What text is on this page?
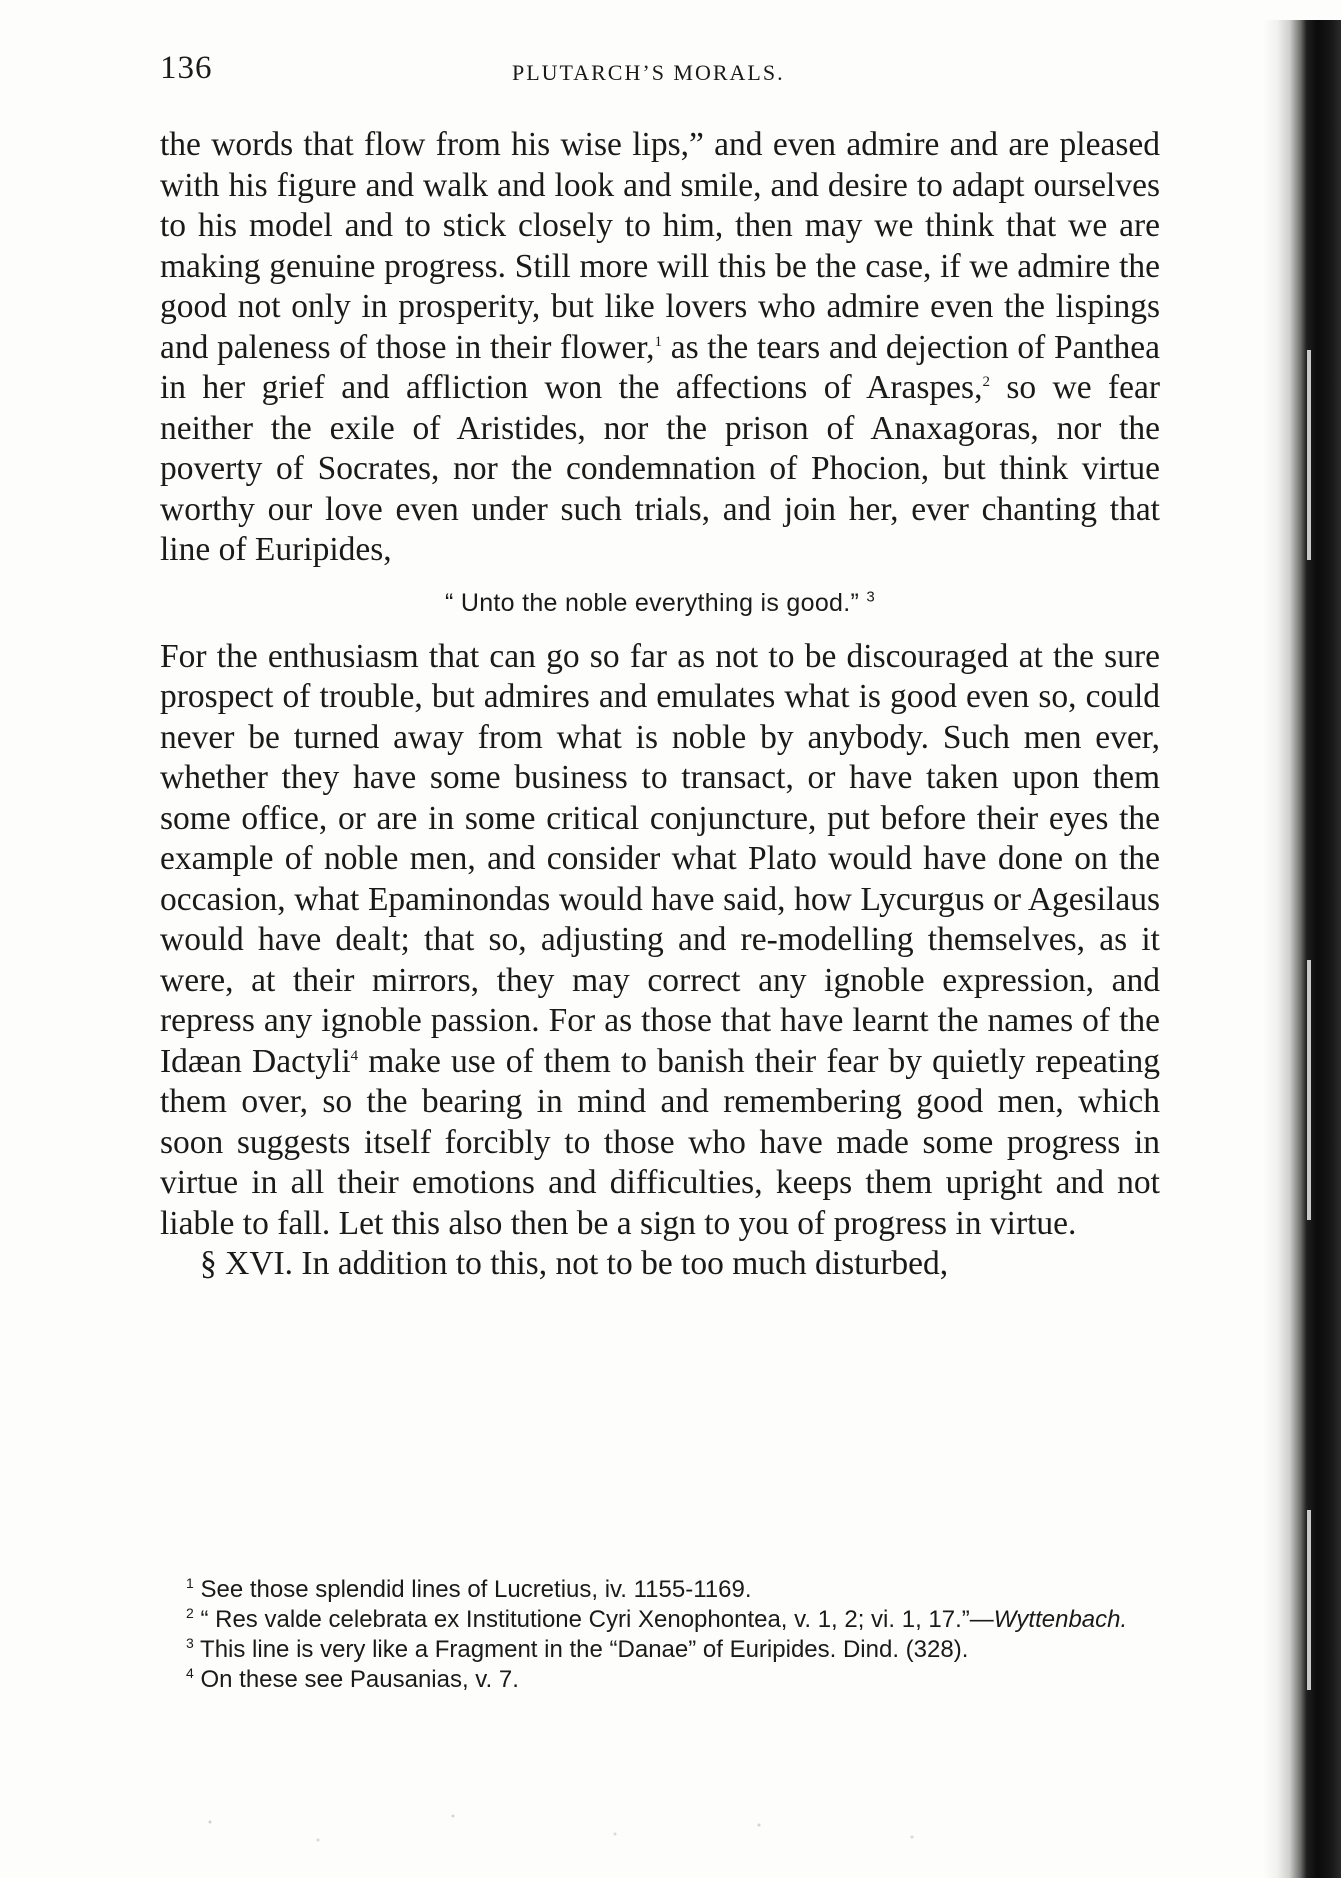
136	PLUTARCH’S MORALS.

the words that flow from his wise lips,” and even admire and are pleased with his figure and walk and look and smile, and desire to adapt ourselves to his model and to stick closely to him, then may we think that we are making genuine progress. Still more will this be the case, if we admire the good not only in prosperity, but like lovers who admire even the lispings and paleness of those in their flower,$^1$ as the tears and dejection of Panthea in her grief and affliction won the affections of Araspes,$^2$ so we fear neither the exile of Aristides, nor the prison of Anaxagoras, nor the poverty of Socrates, nor the condemnation of Phocion, but think virtue worthy our love even under such trials, and join her, ever chanting that line of Euripides,

“ Unto the noble everything is good.” $^3$

For the enthusiasm that can go so far as not to be discouraged at the sure prospect of trouble, but admires and emulates what is good even so, could never be turned away from what is noble by anybody. Such men ever, whether they have some business to transact, or have taken upon them some office, or are in some critical conjuncture, put before their eyes the example of noble men, and consider what Plato would have done on the occasion, what Epaminondas would have said, how Lycurgus or Agesilaus would have dealt; that so, adjusting and re-modelling themselves, as it were, at their mirrors, they may correct any ignoble expression, and repress any ignoble passion. For as those that have learnt the names of the Idæan Dactyli$^4$ make use of them to banish their fear by quietly repeating them over, so the bearing in mind and remembering good men, which soon suggests itself forcibly to those who have made some progress in virtue in all their emotions and difficulties, keeps them upright and not liable to fall. Let this also then be a sign to you of progress in virtue.

§ XVI. In addition to this, not to be too much disturbed,

$^1$ See those splendid lines of Lucretius, iv. 1155-1169.

$^2$ “ Res valde celebrata ex Institutione Cyri Xenophontea, v. 1, 2; vi. 1, 17.”—Wyttenbach.

$^3$ This line is very like a Fragment in the “Danae” of Euripides. Dind. (328).

$^4$ On these see Pausanias, v. 7.
